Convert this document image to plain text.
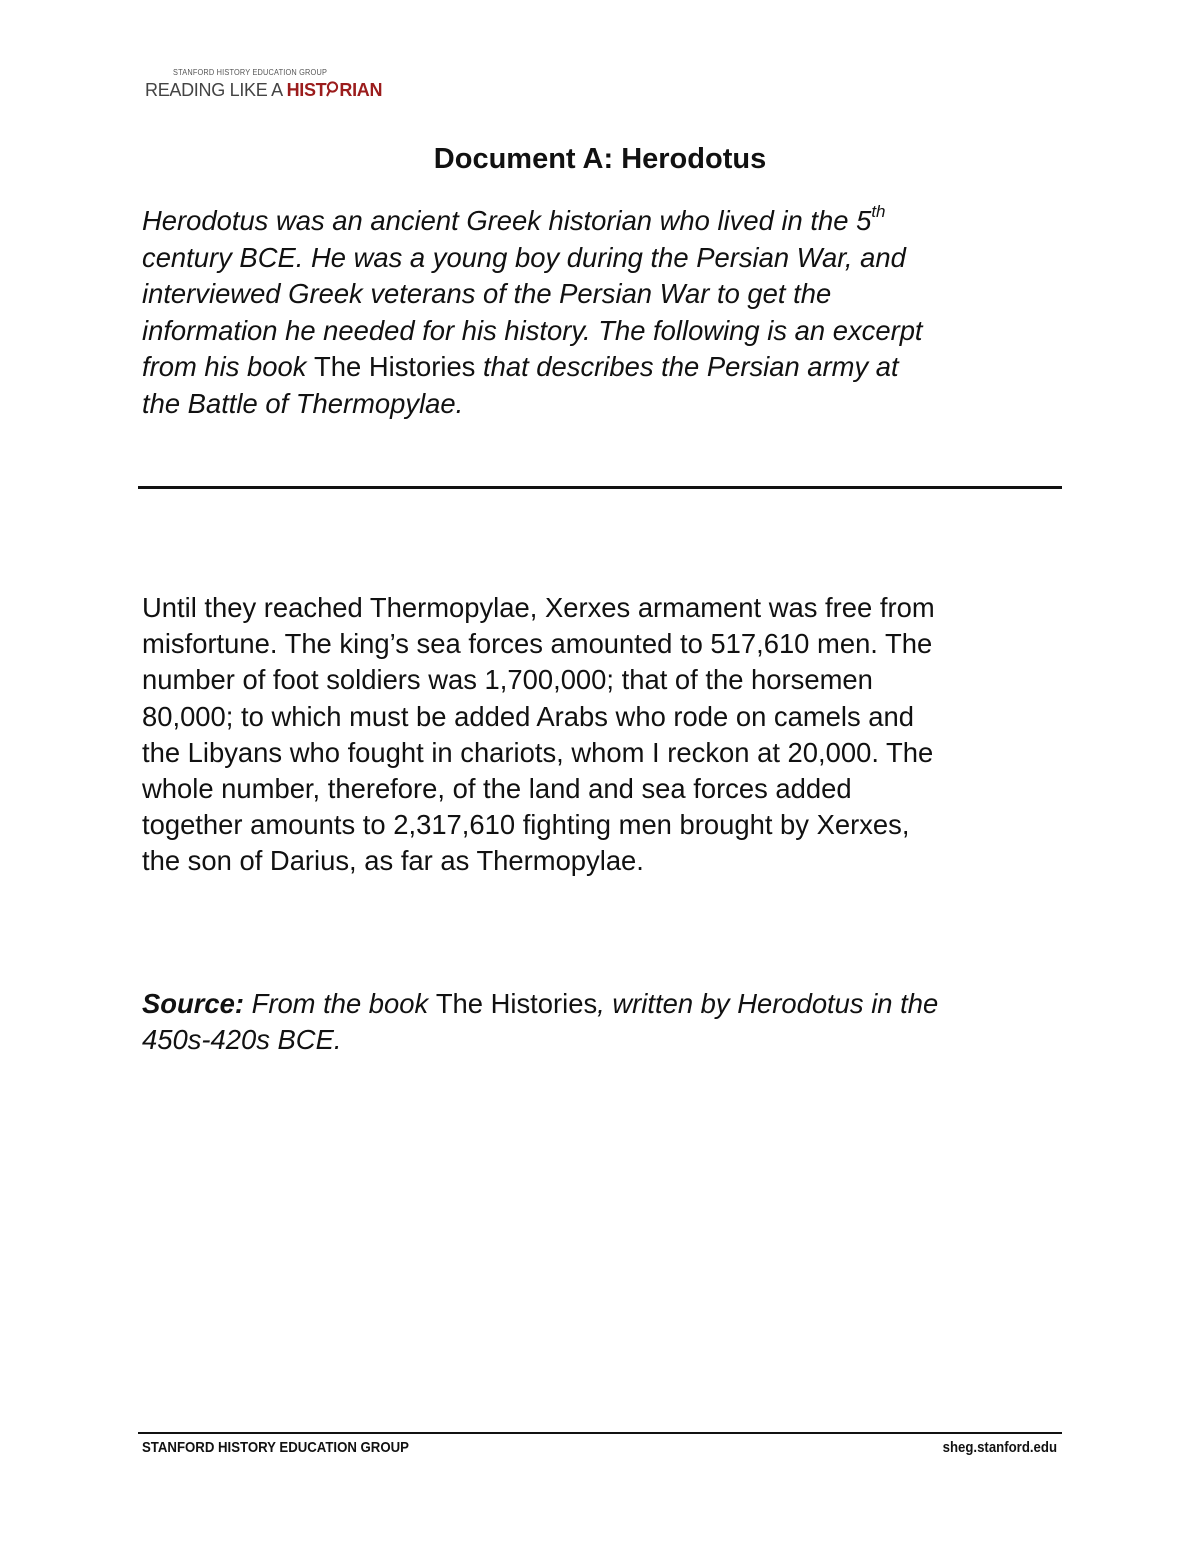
STANFORD HISTORY EDUCATION GROUP
READING LIKE A HIST RIAN
Document A: Herodotus
Herodotus was an ancient Greek historian who lived in the 5th
century BCE. He was a young boy during the Persian War, and
interviewed Greek veterans of the Persian War to get the
information he needed for his history. The following is an excerpt
from his book The Histories that describes the Persian army at
the Battle of Thermopylae.
Until they reached Thermopylae, Xerxes armament was free from
misfortune. The king’s sea forces amounted to 517,610 men. The
number of foot soldiers was 1,700,000; that of the horsemen
80,000; to which must be added Arabs who rode on camels and
the Libyans who fought in chariots, whom I reckon at 20,000. The
whole number, therefore, of the land and sea forces added
together amounts to 2,317,610 fighting men brought by Xerxes,
the son of Darius, as far as Thermopylae.
Source: From the book The Histories, written by Herodotus in the
450s-420s BCE.
STANFORD HISTORY EDUCATION GROUP	sheg.stanford.edu
